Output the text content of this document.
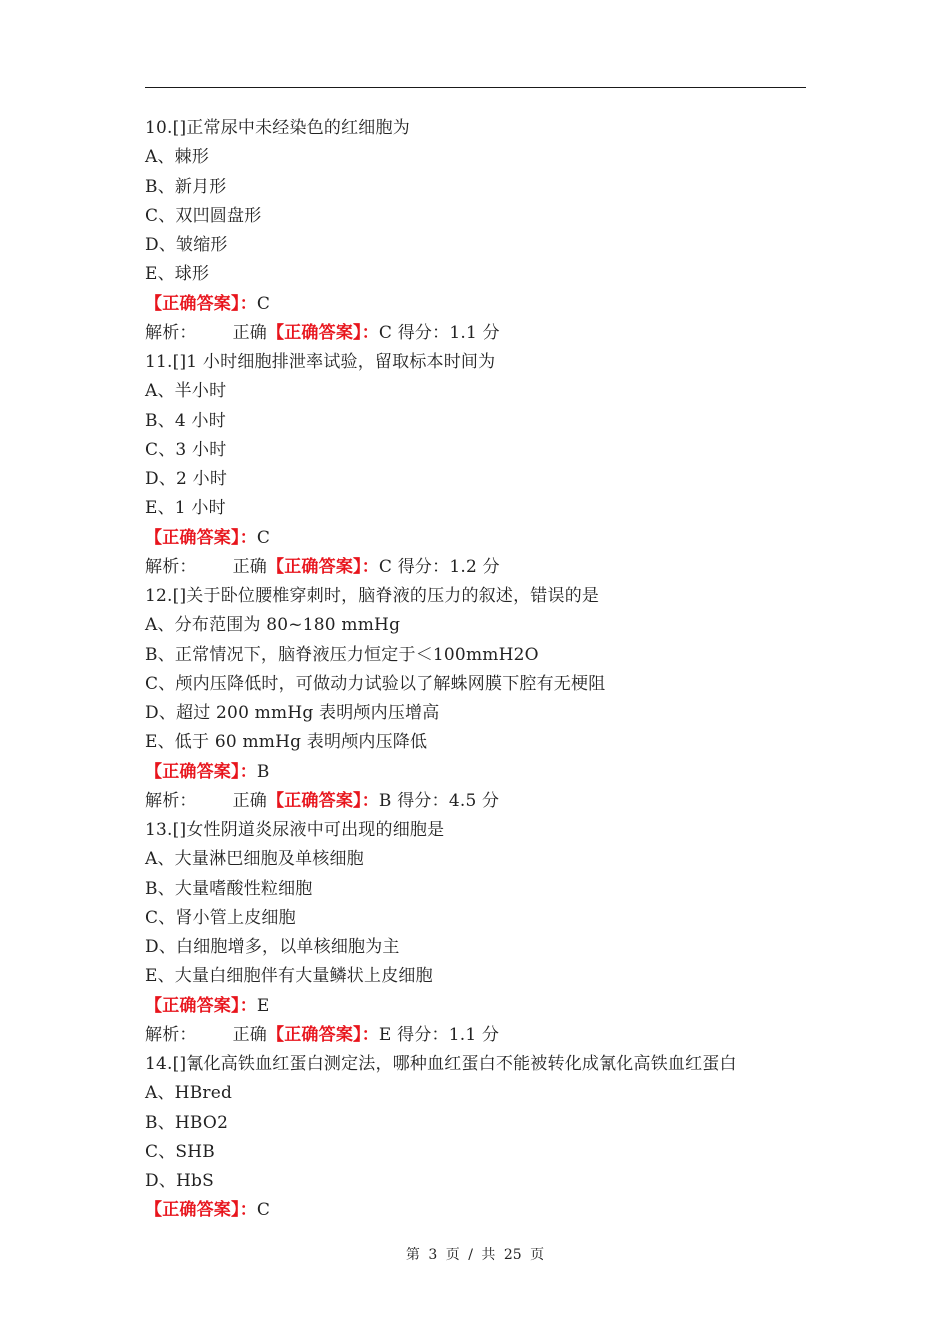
10.[]正常尿中未经染色的红细胞为
A、棘形
B、新月形
C、双凹圆盘形
D、皱缩形
E、球形
【正确答案】：C
解析： 正确【正确答案】：C 得分：1.1 分
11.[]1 小时细胞排泄率试验，留取标本时间为
A、半小时
B、4 小时
C、3 小时
D、2 小时
E、1 小时
【正确答案】：C
解析： 正确【正确答案】：C 得分：1.2 分
12.[]关于卧位腰椎穿刺时，脑脊液的压力的叙述，错误的是
A、分布范围为 80~180 mmHg
B、正常情况下，脑脊液压力恒定于＜100mmH2O
C、颅内压降低时，可做动力试验以了解蛛网膜下腔有无梗阻
D、超过 200 mmHg 表明颅内压增高
E、低于 60 mmHg 表明颅内压降低
【正确答案】：B
解析： 正确【正确答案】：B 得分：4.5 分
13.[]女性阴道炎尿液中可出现的细胞是
A、大量淋巴细胞及单核细胞
B、大量嗜酸性粒细胞
C、肾小管上皮细胞
D、白细胞增多，以单核细胞为主
E、大量白细胞伴有大量鳞状上皮细胞
【正确答案】：E
解析： 正确【正确答案】：E 得分：1.1 分
14.[]氰化高铁血红蛋白测定法，哪种血红蛋白不能被转化成氰化高铁血红蛋白
A、HBred
B、HBO2
C、SHB
D、HbS
【正确答案】：C
第 3 页 / 共 25 页
